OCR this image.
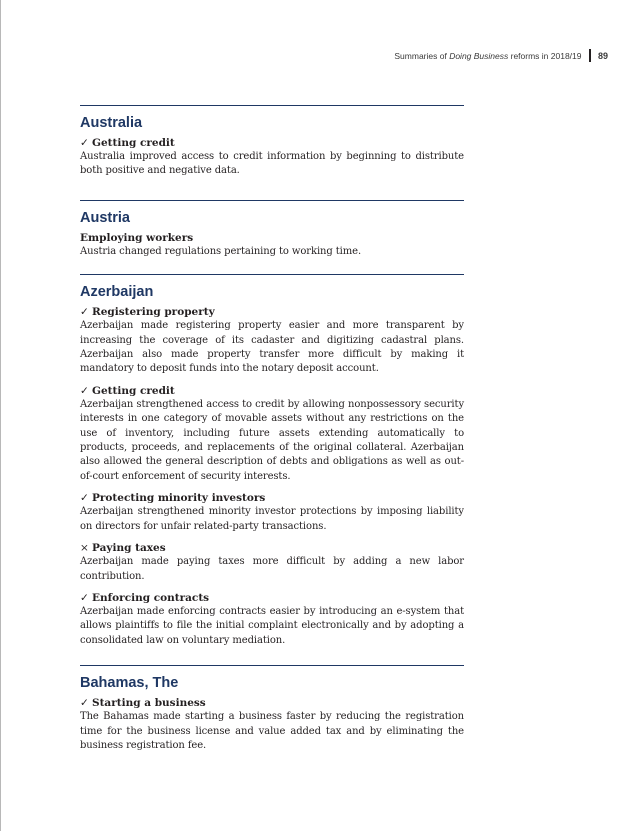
Summaries of Doing Business reforms in 2018/19 89
Australia
✓ Getting credit
Australia improved access to credit information by beginning to distribute both positive and negative data.
Austria
Employing workers
Austria changed regulations pertaining to working time.
Azerbaijan
✓ Registering property
Azerbaijan made registering property easier and more transparent by increasing the coverage of its cadaster and digitizing cadastral plans. Azerbaijan also made property transfer more difficult by making it mandatory to deposit funds into the notary deposit account.
✓ Getting credit
Azerbaijan strengthened access to credit by allowing nonpossessory security interests in one category of movable assets without any restrictions on the use of inventory, including future assets extending automatically to products, proceeds, and replacements of the original collateral. Azerbaijan also allowed the general description of debts and obligations as well as out-of-court enforcement of security interests.
✓ Protecting minority investors
Azerbaijan strengthened minority investor protections by imposing liability on directors for unfair related-party transactions.
× Paying taxes
Azerbaijan made paying taxes more difficult by adding a new labor contribution.
✓ Enforcing contracts
Azerbaijan made enforcing contracts easier by introducing an e-system that allows plaintiffs to file the initial complaint electronically and by adopting a consolidated law on voluntary mediation.
Bahamas, The
✓ Starting a business
The Bahamas made starting a business faster by reducing the registration time for the business license and value added tax and by eliminating the business registration fee.
